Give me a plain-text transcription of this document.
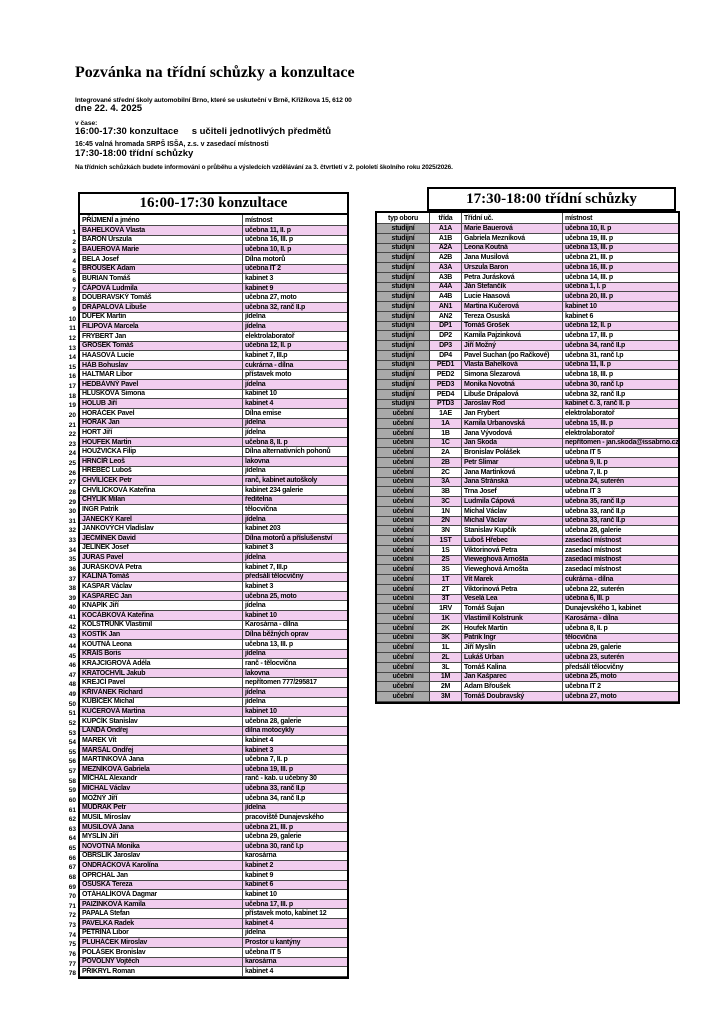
Pozvánka na třídní schůzky a konzultace

Integrované střední školy automobilní Brno, které se uskuteční v Brně, Křižíkova 15, 612 00

dne 22. 4. 2025

v čase:

16:00-17:30 konzultace     s učiteli jednotlivých předmětů

16:45 valná hromada SRPŠ ISŠA, z.s. v zasedací místnosti

17:30-18:00 třídní schůzky

Na třídních schůzkách budete informováni o průběhu a výsledcích vzdělávání za 3. čtvrtletí v 2. pololetí školního roku 2025/2026.

1
2
3
4
5
6
7
8
9
10
11
12
13
14
15
16
17
18
19
20
21
22
23
24
25
26
27
28
29
30
31
32
33
34
35
36
37
38
39
40
41
42
43
44
45
46
47
48
49
50
51
52
53
54
55
56
57
58
59
60
61
62
63
64
65
66
67
68
69
70
71
72
73
74
75
76
77
78
16:00-17:30 konzultace
PŘÍJMENÍ a jméno	místnost
BAHELKOVÁ Vlasta	učebna 11, II. p
BARON Urszula	učebna 16, III. p
BAUEROVÁ Marie	učebna 10, II. p
BELA Josef	Dílna motorů
BŘOUŠEK Adam	učebna IT 2
BURIAN Tomáš	kabinet 3
ČÁPOVÁ Ludmila	kabinet 9
DOUBRAVSKÝ Tomáš	učebna 27, moto
DRÁPALOVÁ Libuše	učebna 32, ranč II.p
DUFEK Martin	jídelna
FILIPOVÁ Marcela	jídelna
FRYBERT Jan	elektrolaboratoř
GROŠEK Tomáš	učebna 12, II. p
HAASOVÁ Lucie	kabinet 7, III.p
HÁB Bohuslav	cukrárna - dílna
HALTMAR Libor	přístavek moto
HEDBÁVNÝ Pavel	jídelna
HLŮŠKOVÁ Simona	kabinet 10
HOLUB Jiří	kabinet 4
HORÁČEK Pavel	Dílna emise
HORÁK Jan	jídelna
HORT Jiří	jídelna
HOUFEK Martin	učebna 8, II. p
HOUŽVIČKA Filip	Dílna alternativních pohonů
HRNČÍŘ Leoš	lakovna
HŘEBEC Luboš	jídelna
CHVÍLÍČEK Petr	ranč, kabinet autoškoly
CHVÍLÍČKOVÁ Kateřina	kabinet 234 galerie
CHYLÍK Milan	ředitelna
INGR Patrik	tělocvična
JANECKÝ Karel	jídelna
JANKOVÝCH Vladislav	kabinet 203
JEČMÍNEK David	Dílna motorů a příslušenství
JELÍNEK Josef	kabinet 3
JURAS Pavel	jídelna
JURÁSKOVÁ Petra	kabinet 7, III.p
KALINA Tomáš	předsálí tělocvičny
KAŠPAR Václav	kabinet 3
KAŠPAREC Jan	učebna 25, moto
KNAPÍK Jiří	jídelna
KOCÁBKOVÁ Kateřina	kabinet 10
KOLSTRUNK Vlastimil	Karosárna - dílna
KOSTÍK Jan	Dílna běžných oprav
KOUTNÁ Leona	učebna 13, III. p
KRAIS Boris	jídelna
KRAJCIGROVÁ Adéla	ranč - tělocvična
KRATOCHVÍL Jakub	lakovna
KREJČÍ Pavel	nepřítomen 777/295817
KŘIVÁNEK Richard	jídelna
KUBÍČEK Michal	jídelna
KUČEROVÁ Martina	kabinet 10
KUPČÍK Stanislav	učebna 28, galerie
LANDA Ondřej	dílna motocykly
MAREK Vít	kabinet 4
MARŠÁL Ondřej	kabinet 3
MARTINKOVÁ Jana	učebna 7, II. p
MEZNÍKOVÁ Gabriela	učebna 19, III. p
MICHAL Alexandr	ranč - kab. u učebny 30
MICHAL Václav	učebna 33, ranč II.p
MOŽNÝ Jiří	učebna 34, ranč II.p
MUDRÁK Petr	jídelna
MUSIL Miroslav	pracoviště Dunajevského
MUSILOVÁ Jana	učebna 21, III. p
MYSLÍN Jiří	učebna 29, galerie
NOVOTNÁ Monika	učebna 30, ranč I.p
OBRŠLÍK Jaroslav	karosárna
ONDRÁČKOVÁ Karolína	kabinet 2
OPRCHAL Jan	kabinet 9
OSUSKÁ Tereza	kabinet 6
OTÁHALÍKOVÁ Dagmar	kabinet 10
PAIZINKOVÁ Kamila	učebna 17, III. p
PAPALA Štefan	přístavek moto, kabinet 12
PAVELKA Radek	kabinet 4
PETŘINA Libor	jídelna
PLUHÁČEK Miroslav	Prostor u kantýny
POLÁŠEK Bronislav	učebna IT 5
POVOLNÝ Vojtěch	karosárna
PŘIKRYL Roman	kabinet 4
17:30-18:00 třídní schůzky
typ oboru	třída	Třídní uč.	místnost
studijní	A1A	Marie Bauerová	učebna 10, II. p
studijní	A1B	Gabriela Mezníková	učebna 19, III. p
studijní	A2A	Leona Koutná	učebna 13, III. p
studijní	A2B	Jana Musilová	učebna 21, III. p
studijní	A3A	Urszula Baron	učebna 16, III. p
studijní	A3B	Petra Jurásková	učebna 14, III. p
studijní	A4A	Ján Štefančík	učebna 1, I. p
studijní	A4B	Lucie Haasová	učebna 20, III. p
studijní	AN1	Martina Kučerová	kabinet 10
studijní	AN2	Tereza Osuská	kabinet 6
studijní	DP1	Tomáš Grošek	učebna 12, II. p
studijní	DP2	Kamila Pajzinková	učebna 17, III. p
studijní	DP3	Jiří Možný	učebna 34, ranč II.p
studijní	DP4	Pavel Suchan (po Račkové)	učebna 31, ranč I.p
studijní	PED1	Vlasta Bahelková	učebna 11, II. p
studijní	PED2	Simona Šlezarová	učebna 18, III. p
studijní	PED3	Monika Novotná	učebna 30, ranč I.p
studijní	PED4	Libuše Drápalová	učebna 32, ranč II.p
studijní	PTD3	Jaroslav Rod	kabinet č. 3, ranč II. p
učební	1AE	Jan Frybert	elektrolaboratoř
učební	1A	Kamila Urbanovská	učebna 15, III. p
učební	1B	Jana Vývodová	elektrolaboratoř
učební	1C	Jan Škoda	nepřítomen - jan.skoda@issabrno.cz
učební	2A	Bronislav Polášek	učebna IT 5
učební	2B	Petr Šlimar	učebna 9, II. p
učební	2C	Jana Martinková	učebna 7, II. p
učební	3A	Jana Stránská	učebna 24, suterén
učební	3B	Trna Josef	učebna IT 3
učební	3C	Ludmila Čápová	učebna 35, ranč II.p
učební	1N	Michal Václav	učebna 33, ranč II.p
učební	2N	Michal Václav	učebna 33, ranč II.p
učební	3N	Stanislav Kupčík	učebna 28, galerie
učební	1ST	Luboš Hřebec	zasedací místnost
učební	1S	Viktorinová Petra	zasedací místnost
učební	2S	Vieweghová Arnošta	zasedací místnost
učební	3S	Vieweghová Arnošta	zasedací místnost
učební	1T	Vít Marek	cukrárna - dílna
učební	2T	Viktorinová Petra	učebna 22, suterén
učební	3T	Veselá Lea	učebna 6, III. p
učební	1RV	Tomáš Šujan	Dunajevského 1, kabinet
učební	1K	Vlastimil Kolstrunk	Karosárna - dílna
učební	2K	Houfek Martin	učebna 8, II. p
učební	3K	Patrik Ingr	tělocvična
učební	1L	Jiří Myslín	učebna 29, galerie
učební	2L	Lukáš Urban	učebna 23, suterén
učební	3L	Tomáš Kalina	předsálí tělocvičny
učební	1M	Jan Kašparec	učebna 25, moto
učební	2M	Adam Břoušek	učebna IT 2
učební	3M	Tomáš Doubravský	učebna 27, moto
